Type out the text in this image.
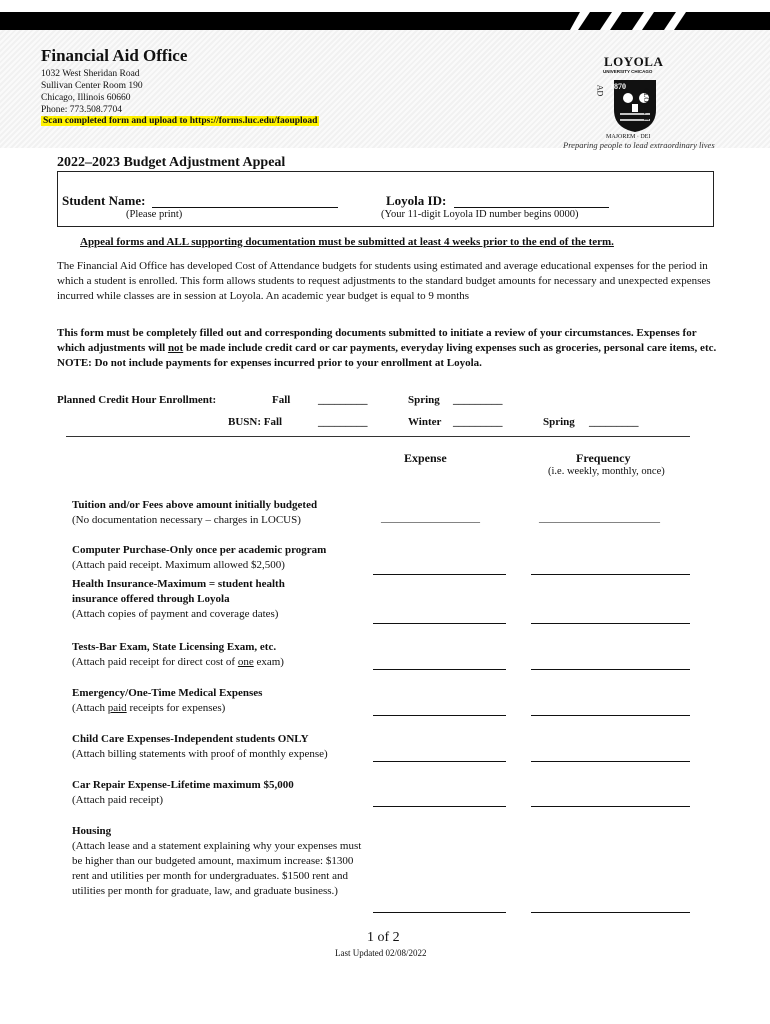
Financial Aid Office
1032 West Sheridan Road
Sullivan Center Room 190
Chicago, Illinois 60660
Phone: 773.508.7704
Scan completed form and upload to https://forms.luc.edu/faoupload
LOYOLA
UNIVERSITY CHICAGO
1870
AD
MAJOREM · DEI
GLORIAM
Preparing people to lead extraordinary lives
2022–2023 Budget Adjustment Appeal
Student Name:
(Please print)
Loyola ID:
(Your 11-digit Loyola ID number begins 0000)
Appeal forms and ALL supporting documentation must be submitted at least 4 weeks prior to the end of the term.
The Financial Aid Office has developed Cost of Attendance budgets for students using estimated and average educational expenses for the period in which a student is enrolled. This form allows students to request adjustments to the standard budget amounts for necessary and unexpected expenses incurred while classes are in session at Loyola. An academic year budget is equal to 9 months
This form must be completely filled out and corresponding documents submitted to initiate a review of your circumstances. Expenses for which adjustments will not be made include credit card or car payments, everyday living expenses such as groceries, personal care items, etc. NOTE: Do not include payments for expenses incurred prior to your enrollment at Loyola.
Planned Credit Hour Enrollment:	Fall	_________	Spring _________
BUSN: Fall	_________	Winter _________	Spring _________
Expense	Frequency
(i.e. weekly, monthly, once)
Tuition and/or Fees above amount initially budgeted
(No documentation necessary – charges in LOCUS)	__________________	______________________
Computer Purchase-Only once per academic program
(Attach paid receipt. Maximum allowed $2,500)
Health Insurance-Maximum = student health insurance offered through Loyola
(Attach copies of payment and coverage dates)
Tests-Bar Exam, State Licensing Exam, etc.
(Attach paid receipt for direct cost of one exam)
Emergency/One-Time Medical Expenses
(Attach paid receipts for expenses)
Child Care Expenses-Independent students ONLY
(Attach billing statements with proof of monthly expense)
Car Repair Expense-Lifetime maximum $5,000
(Attach paid receipt)
Housing
(Attach lease and a statement explaining why your expenses must be higher than our budgeted amount, maximum increase: $1300 rent and utilities per month for undergraduates. $1500 rent and utilities per month for graduate, law, and graduate business.)
1 of 2
Last Updated 02/08/2022
